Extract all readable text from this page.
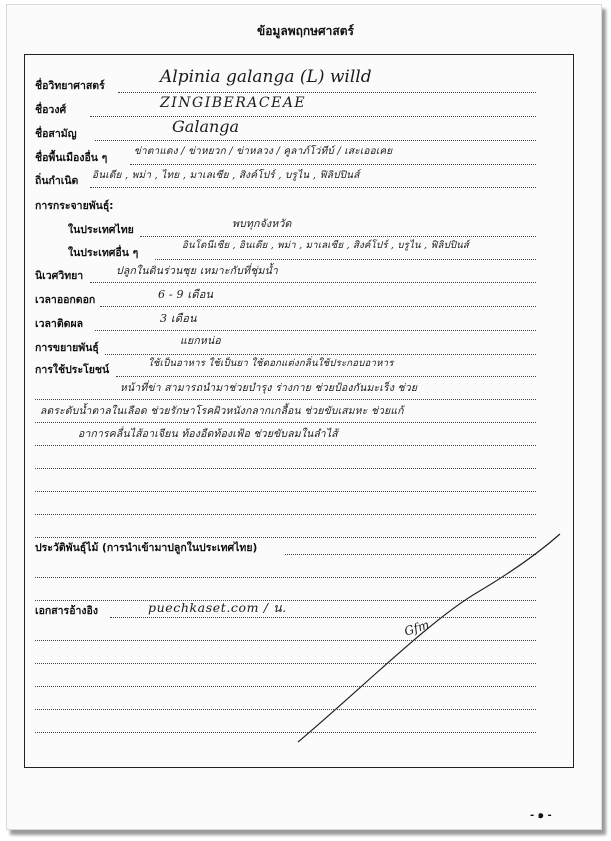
ข้อมูลพฤกษศาสตร์
ชื่อวิทยาศาสตร์	Alpinia galanga (L) willd
ชื่อวงศ์	ZINGIBERACEAE
ชื่อสามัญ	Galanga
ชื่อพื้นเมืองอื่น ๆ
ข่าตาแดง / ข่าหยวก / ข่าหลวง / คูลาภ์โว่ทีบ์ / เสะเออเคย
ถิ่นกำเนิด อินเดีย , พม่า , ไทย , มาเลเซีย , สิงค์โปร์ , บรูไน , ฟิลิปปินส์
การกระจายพันธุ์:
ในประเทศไทย	พบทุกจังหวัด
ในประเทศอื่น ๆ
อินโดนีเซีย , อินเดีย , พม่า , มาเลเซีย , สิงค์โปร์ , บรูไน , ฟิลิปปินส์
นิเวศวิทยา	ปลูกในดินร่วนซุย เหมาะกับที่ชุ่มน้ำ
เวลาออกดอก	6 - 9 เดือน
เวลาติดผล	3 เดือน
การขยายพันธุ์
แยกหน่อ
การใช้ประโยชน์
ใช้เป็นอาหาร ใช้เป็นยา ใช้ดอกแต่งกลิ่นใช้ประกอบอาหาร
หน้าที่ข่า สามารถนำมาช่วยบำรุง ร่างกาย ช่วยป้องกันมะเร็ง ช่วย
ลดระดับน้ำตาลในเลือด ช่วยรักษาโรคผิวหนังกลากเกลื้อน ช่วยขับเสมหะ ช่วยแก้
อาการคลื่นไส้อาเจียน ท้องอืดท้องเฟ้อ ช่วยขับลมในลำไส้
ประวัติพันธุ์ไม้ (การนำเข้ามาปลูกในประเทศไทย)
เอกสารอ้างอิง	puechkaset.com / น.
Gfm
- ๑ -
